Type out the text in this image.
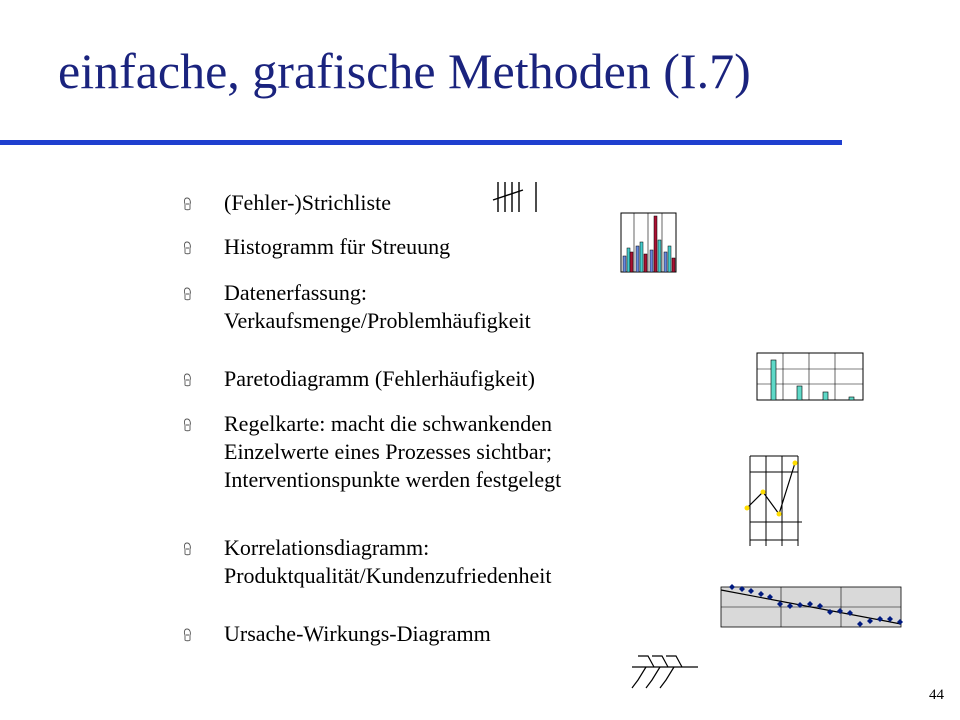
einfache, grafische Methoden (I.7)
(Fehler-)Strichliste
Histogramm für Streuung
Datenerfassung:
Verkaufsmenge/Problemhäufigkeit
Paretodiagramm (Fehlerhäufigkeit)
Regelkarte: macht die schwankenden
Einzelwerte eines Prozesses sichtbar;
Interventionspunkte werden festgelegt
Korrelationsdiagramm:
Produktqualität/Kundenzufriedenheit
Ursache-Wirkungs-Diagramm
44
